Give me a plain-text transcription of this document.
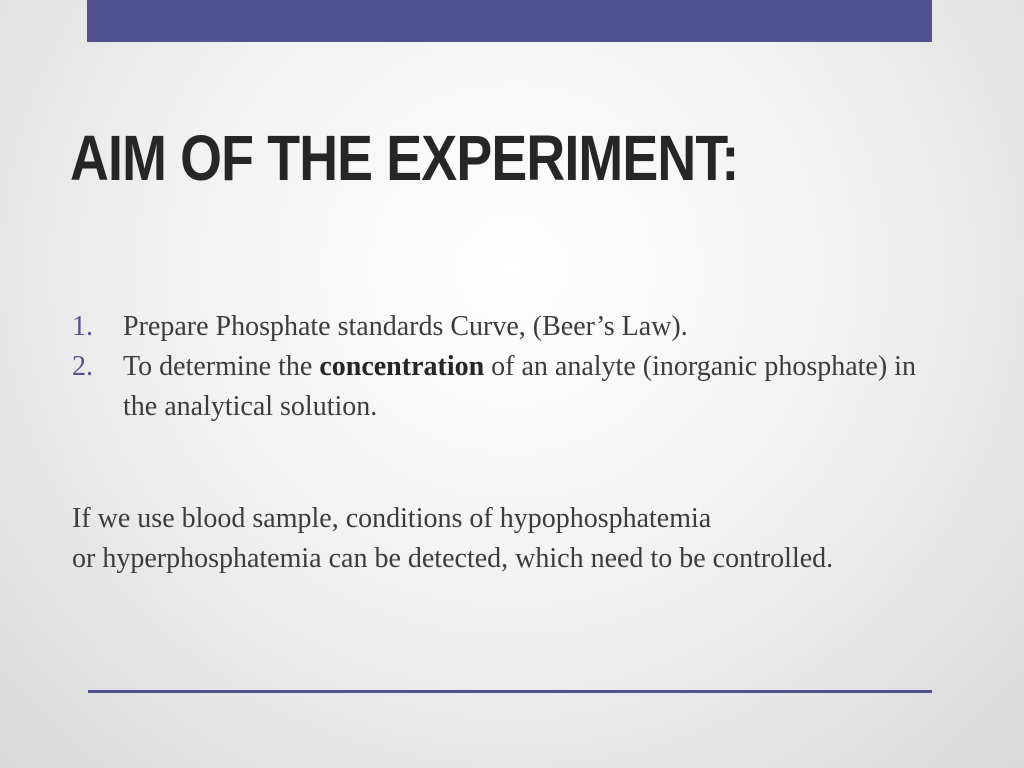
AIM OF THE EXPERIMENT:
1. Prepare Phosphate standards Curve, (Beer’s Law).
2. To determine the concentration of an analyte (inorganic phosphate) in the analytical solution.

If we use blood sample, conditions of hypophosphatemia
or hyperphosphatemia can be detected, which need to be controlled.
